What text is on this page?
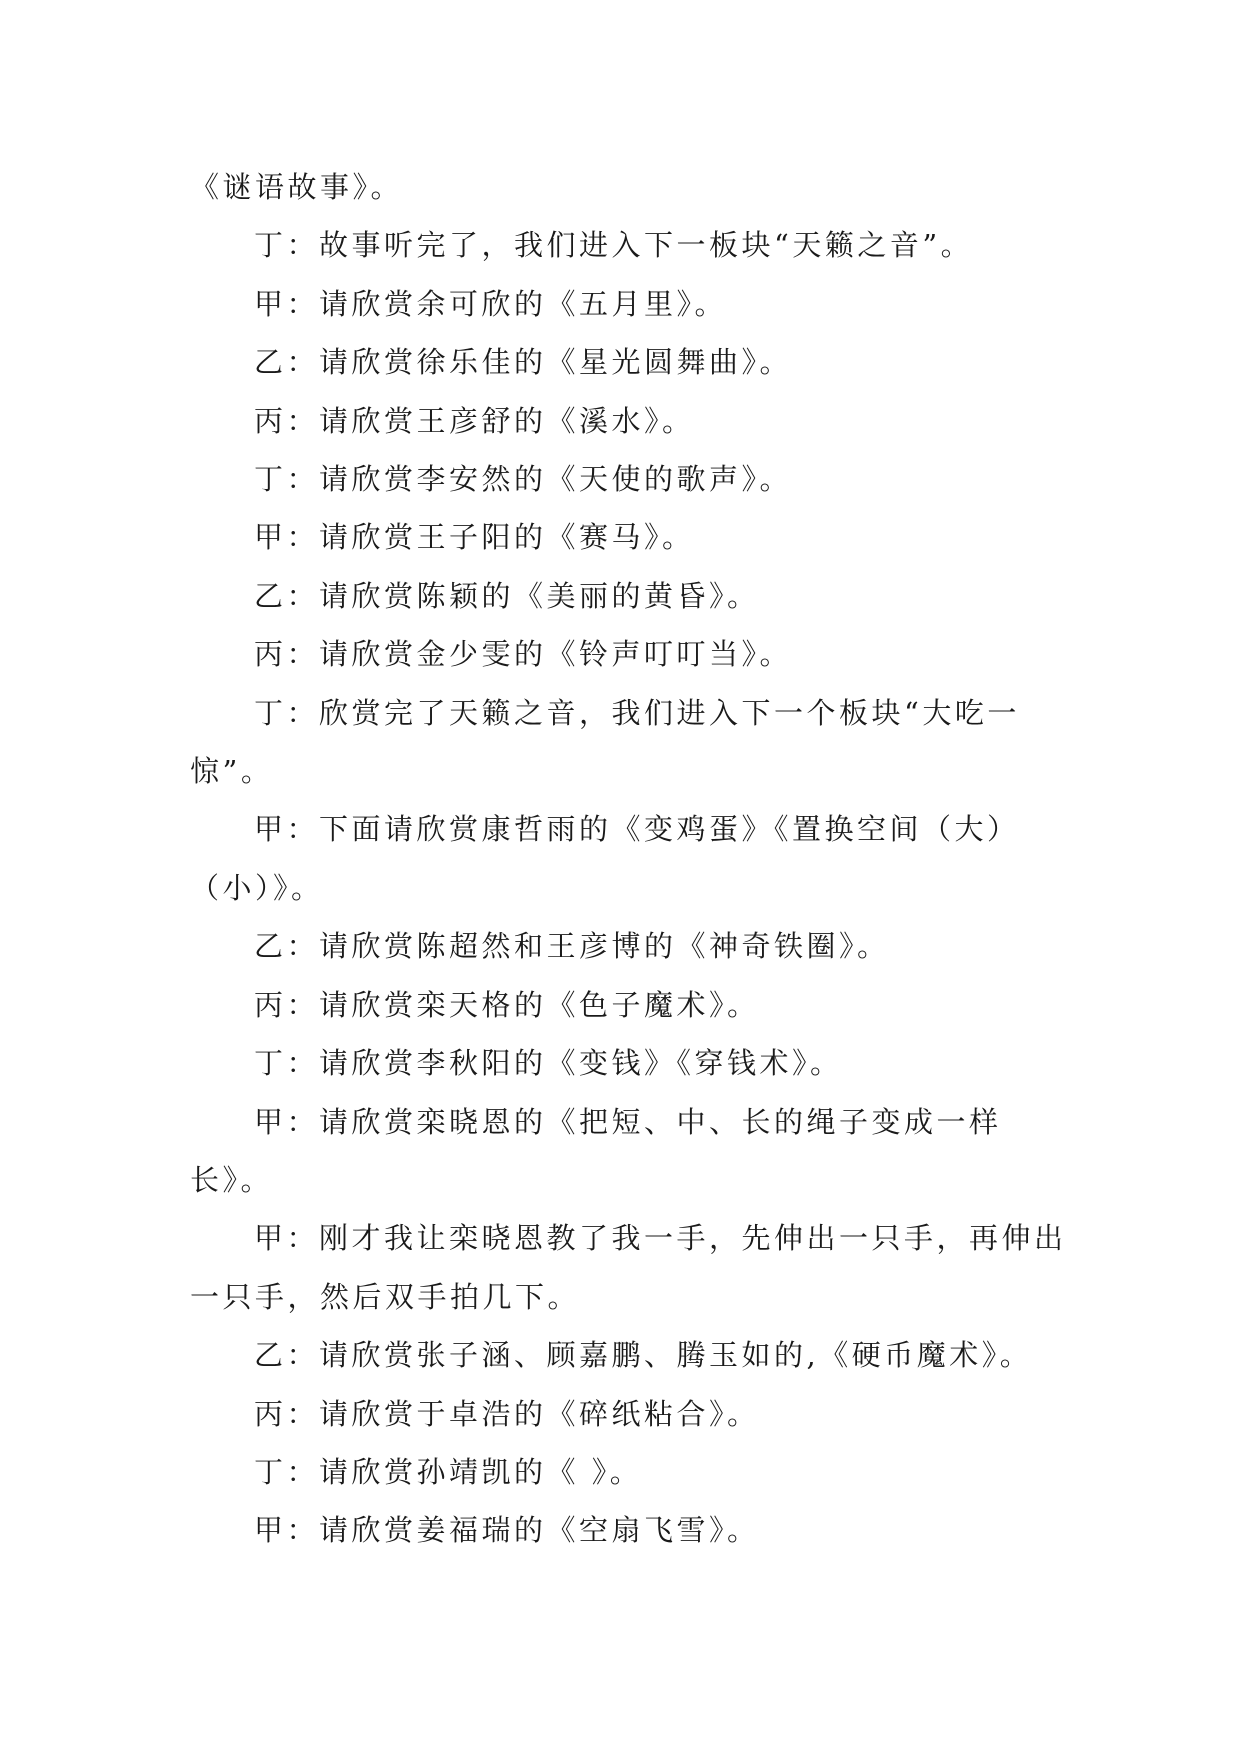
《谜语故事》。

丁：故事听完了，我们进入下一板块“天籁之音”。

甲：请欣赏余可欣的《五月里》。

乙：请欣赏徐乐佳的《星光圆舞曲》。

丙：请欣赏王彦舒的《溪水》。

丁：请欣赏李安然的《天使的歌声》。

甲：请欣赏王子阳的《赛马》。

乙：请欣赏陈颖的《美丽的黄昏》。

丙：请欣赏金少雯的《铃声叮叮当》。

丁：欣赏完了天籁之音，我们进入下一个板块“大吃一惊”。

甲：下面请欣赏康哲雨的《变鸡蛋》《置换空间（大）（小）》。

乙：请欣赏陈超然和王彦博的《神奇铁圈》。

丙：请欣赏栾天格的《色子魔术》。

丁：请欣赏李秋阳的《变钱》《穿钱术》。

甲：请欣赏栾晓恩的《把短、中、长的绳子变成一样长》。

甲：刚才我让栾晓恩教了我一手，先伸出一只手，再伸出一只手，然后双手拍几下。

乙：请欣赏张子涵、顾嘉鹏、腾玉如的,《硬币魔术》。

丙：请欣赏于卓浩的《碎纸粘合》。

丁：请欣赏孙靖凯的《 》。

甲：请欣赏姜福瑞的《空扇飞雪》。
